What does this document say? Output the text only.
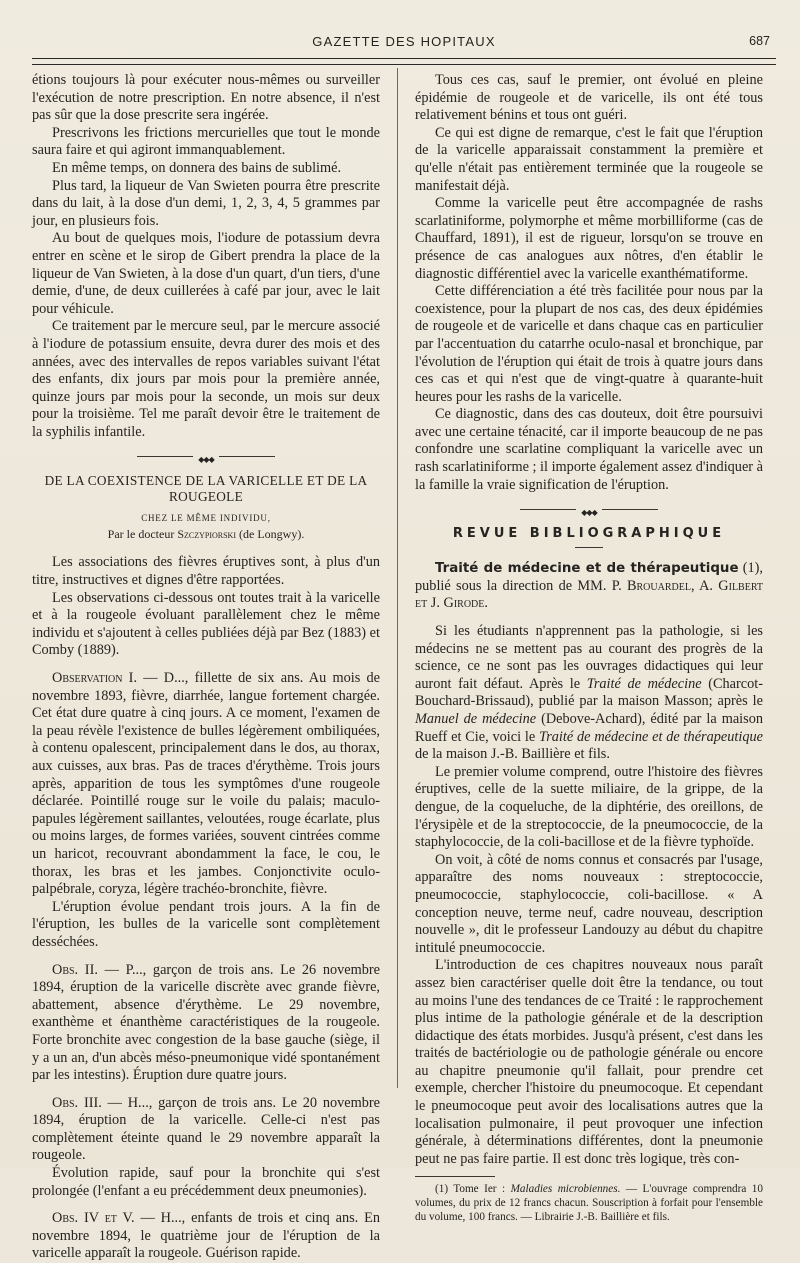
GAZETTE DES HOPITAUX	687

étions toujours là pour exécuter nous-mêmes ou surveiller l'exécution de notre prescription. En notre absence, il n'est pas sûr que la dose prescrite sera ingérée.

Prescrivons les frictions mercurielles que tout le monde saura faire et qui agiront immanquablement.

En même temps, on donnera des bains de sublimé.

Plus tard, la liqueur de Van Swieten pourra être prescrite dans du lait, à la dose d'un demi, 1, 2, 3, 4, 5 grammes par jour, en plusieurs fois.

Au bout de quelques mois, l'iodure de potassium devra entrer en scène et le sirop de Gibert prendra la place de la liqueur de Van Swieten, à la dose d'un quart, d'un tiers, d'une demie, d'une, de deux cuillerées à café par jour, avec le lait pour véhicule.

Ce traitement par le mercure seul, par le mercure associé à l'iodure de potassium ensuite, devra durer des mois et des années, avec des intervalles de repos variables suivant l'état des enfants, dix jours par mois pour la première année, quinze jours par mois pour la seconde, un mois sur deux pour la troisième. Tel me paraît devoir être le traitement de la syphilis infantile.

◆◆◆
DE LA COEXISTENCE DE LA VARICELLE ET DE LA ROUGEOLE
CHEZ LE MÊME INDIVIDU,
Par le docteur Szczypiorski (de Longwy).

Les associations des fièvres éruptives sont, à plus d'un titre, instructives et dignes d'être rapportées.

Les observations ci-dessous ont toutes trait à la varicelle et à la rougeole évoluant parallèlement chez le même individu et s'ajoutent à celles publiées déjà par Bez (1883) et Comby (1889).

Observation I. — D..., fillette de six ans. Au mois de novembre 1893, fièvre, diarrhée, langue fortement chargée. Cet état dure quatre à cinq jours. A ce moment, l'examen de la peau révèle l'existence de bulles légèrement ombiliquées, à contenu opalescent, principalement dans le dos, au thorax, aux cuisses, aux bras. Pas de traces d'érythème. Trois jours après, apparition de tous les symptômes d'une rougeole déclarée. Pointillé rouge sur le voile du palais; maculo-papules légèrement saillantes, veloutées, rouge écarlate, plus ou moins larges, de formes variées, souvent cintrées comme un haricot, recouvrant abondamment la face, le cou, le thorax, les bras et les jambes. Conjonctivite oculo-palpébrale, coryza, légère trachéo-bronchite, fièvre.

L'éruption évolue pendant trois jours. A la fin de l'éruption, les bulles de la varicelle sont complètement desséchées.

Obs. II. — P..., garçon de trois ans. Le 26 novembre 1894, éruption de la varicelle discrète avec grande fièvre, abattement, absence d'érythème. Le 29 novembre, exanthème et énanthème caractéristiques de la rougeole. Forte bronchite avec congestion de la base gauche (siège, il y a un an, d'un abcès méso-pneumonique vidé spontanément par les intestins). Éruption dure quatre jours.

Obs. III. — H..., garçon de trois ans. Le 20 novembre 1894, éruption de la varicelle. Celle-ci n'est pas complètement éteinte quand le 29 novembre apparaît la rougeole.

Évolution rapide, sauf pour la bronchite qui s'est prolongée (l'enfant a eu précédemment deux pneumonies).

Obs. IV et V. — H..., enfants de trois et cinq ans. En novembre 1894, le quatrième jour de l'éruption de la varicelle apparaît la rougeole. Guérison rapide.

Tous ces cas, sauf le premier, ont évolué en pleine épidémie de rougeole et de varicelle, ils ont été tous relativement bénins et tous ont guéri.

Ce qui est digne de remarque, c'est le fait que l'éruption de la varicelle apparaissait constamment la première et qu'elle n'était pas entièrement terminée que la rougeole se manifestait déjà.

Comme la varicelle peut être accompagnée de rashs scarlatiniforme, polymorphe et même morbilliforme (cas de Chauffard, 1891), il est de rigueur, lorsqu'on se trouve en présence de cas analogues aux nôtres, d'en établir le diagnostic différentiel avec la varicelle exanthématiforme.

Cette différenciation a été très facilitée pour nous par la coexistence, pour la plupart de nos cas, des deux épidémies de rougeole et de varicelle et dans chaque cas en particulier par l'accentuation du catarrhe oculo-nasal et bronchique, par l'évolution de l'éruption qui était de trois à quatre jours dans ces cas et qui n'est que de vingt-quatre à quarante-huit heures pour les rashs de la varicelle.

Ce diagnostic, dans des cas douteux, doit être poursuivi avec une certaine ténacité, car il importe beaucoup de ne pas confondre une scarlatine compliquant la varicelle avec un rash scarlatiniforme ; il importe également assez d'indiquer à la famille la vraie signification de l'éruption.

◆◆◆
REVUE BIBLIOGRAPHIQUE

Traité de médecine et de thérapeutique (1), publié sous la direction de MM. P. Brouardel, A. Gilbert et J. Girode.

Si les étudiants n'apprennent pas la pathologie, si les médecins ne se mettent pas au courant des progrès de la science, ce ne sont pas les ouvrages didactiques qui leur auront fait défaut. Après le Traité de médecine (Charcot-Bouchard-Brissaud), publié par la maison Masson; après le Manuel de médecine (Debove-Achard), édité par la maison Rueff et Cie, voici le Traité de médecine et de thérapeutique de la maison J.-B. Baillière et fils.

Le premier volume comprend, outre l'histoire des fièvres éruptives, celle de la suette miliaire, de la grippe, de la dengue, de la coqueluche, de la diphtérie, des oreillons, de l'érysipèle et de la streptococcie, de la pneumococcie, de la staphylococcie, de la coli-bacillose et de la fièvre typhoïde.

On voit, à côté de noms connus et consacrés par l'usage, apparaître des noms nouveaux : streptococcie, pneumococcie, staphylococcie, coli-bacillose. « A conception neuve, terme neuf, cadre nouveau, description nouvelle », dit le professeur Landouzy au début du chapitre intitulé pneumococcie.

L'introduction de ces chapitres nouveaux nous paraît assez bien caractériser quelle doit être la tendance, ou tout au moins l'une des tendances de ce Traité : le rapprochement plus intime de la pathologie générale et de la description didactique des états morbides. Jusqu'à présent, c'est dans les traités de bactériologie ou de pathologie générale ou encore au chapitre pneumonie qu'il fallait, pour prendre cet exemple, chercher l'histoire du pneumocoque. Et cependant le pneumocoque peut avoir des localisations autres que la localisation pulmonaire, il peut provoquer une infection générale, à déterminations différentes, dont la pneumonie peut ne pas faire partie. Il est donc très logique, très con-

(1) Tome Ier : Maladies microbiennes. — L'ouvrage comprendra 10 volumes, du prix de 12 francs chacun. Souscription à forfait pour l'ensemble du volume, 100 francs. — Librairie J.-B. Baillière et fils.
